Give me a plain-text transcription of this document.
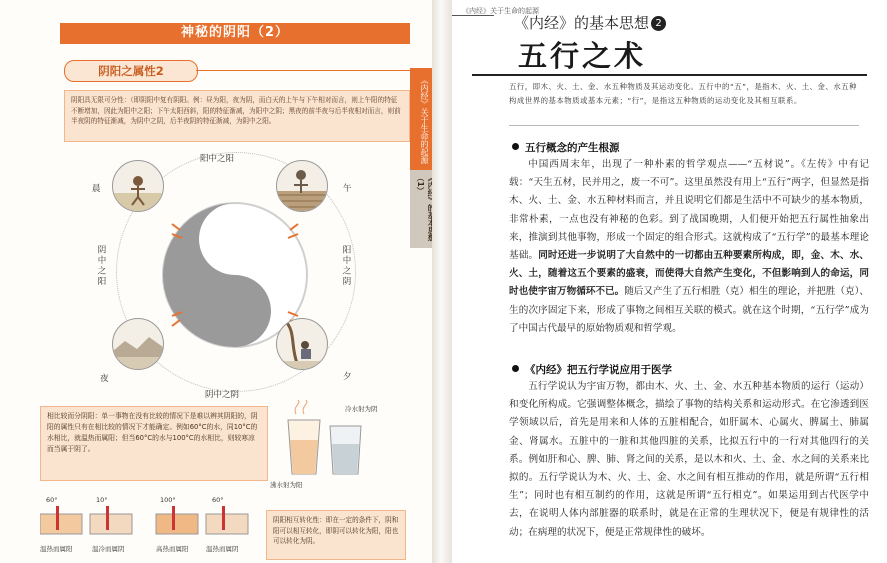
神秘的阴阳（2）
阴阳之属性2
阴阳具无限可分性：（即阴阳中复有阴阳。例：昼为阳，夜为阴，而白天的上午与下午相对而言，则上午阳的特征不断增加，因此为阳中之阳；下午太阳西斜，阳的特征渐减，为阳中之阴；黑夜的前半夜与后半夜相对而言，则前半夜阴的特征渐减，为阴中之阴，后半夜阴的特征渐减，为阴中之阳。	《内经》关于生命的起源
（1）
阳中之阳
阴中之阴
阴中之阳	阳中之阴
晨	午
夜	夕
相比较而分阴阳：单一事物在没有比较的情况下是难以辨其阴阳的，阴阳的属性只有在相比较的情况下才能确定。例如60°C的水，同10°C的水相比，就温热而属阳；但当60°C的水与100°C的水相比，则较寒凉而当属于阴了。
冷水射为阴
沸水射为阳
60°	10°	100°	60°
温热而属阳	温冷而属阴	高热而属阳	温热而属阴
阴阳相互转化性：即在一定的条件下，阴和阳可以相互转化，即阴可以转化为阳，阳也可以转化为阴。
《内经》关于生命的起源
《内经》的基本思想 2
五行之术
五行，即木、火、土、金、水五种物质及其运动变化。五行中的“五”，是指木、火、土、金、水五种构成世界的基本物质或基本元素；“行”，是指这五种物质的运动变化及其相互联系。
五行概念的产生根源
中国西周末年，出现了一种朴素的哲学观点——“五材说”。《左传》中有记载：“天生五材，民并用之，废一不可”。这里虽然没有用上“五行”两字，但显然是指木、火、土、金、水五种材料而言，并且说明它们都是生活中不可缺少的基本物质，非常朴素，一点也没有神秘的色彩。到了战国晚期，人们便开始把五行属性抽象出来，推演到其他事物，形成一个固定的组合形式。这就构成了“五行学”的最基本理论基础。同时还进一步说明了大自然中的一切都由五种要素所构成，即，金、木、水、火、土，随着这五个要素的盛衰，而使得大自然产生变化，不但影响到人的命运，同时也使宇宙万物循环不已。随后又产生了五行相胜（克）相生的理论，并把胜（克）、生的次序固定下来，形成了事物之间相互关联的模式。就在这个时期，“五行学”成为了中国古代最早的原始物质观和哲学观。
《内经》把五行学说应用于医学
五行学说认为宇宙万物，都由木、火、土、金、水五种基本物质的运行（运动）和变化所构成。它强调整体概念，描绘了事物的结构关系和运动形式。在它渗透到医学领域以后，首先是用来和人体的五脏相配合，如肝属木、心属火、脾属土、肺属金、肾属水。五脏中的一脏和其他四脏的关系，比拟五行中的一行对其他四行的关系。例如肝和心、脾、肺、肾之间的关系，是以木和火、土、金、水之间的关系来比拟的。五行学说认为木、火、土、金、水之间有相互推动的作用，就是所谓“五行相生”；同时也有相互制约的作用，这就是所谓“五行相克”。如果运用到古代医学中去，在说明人体内部脏器的联系时，就是在正常的生理状况下，便是有规律性的活动；在病理的状况下，便是正常规律性的破坏。
